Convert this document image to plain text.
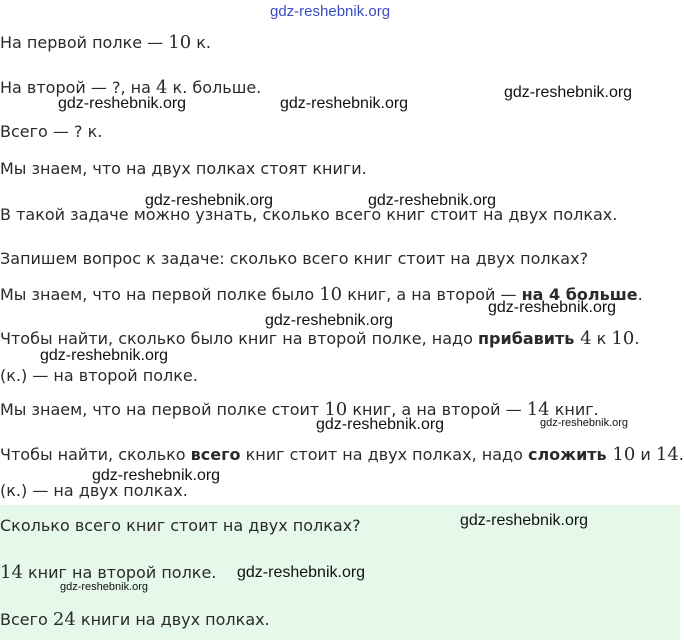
На первой полке — 10 к.
На второй — ?, на 4 к. больше.
Всего — ? к.
Мы знаем, что на двух полках стоят книги.
В такой задаче можно узнать, сколько всего книг стоит на двух полках.
Запишем вопрос к задаче: сколько всего книг стоит на двух полках?
Мы знаем, что на первой полке было 10 книг, а на второй — на 4 больше.
Чтобы найти, сколько было книг на второй полке, надо прибавить 4 к 10.
(к.) — на второй полке.
Мы знаем, что на первой полке стоит 10 книг, а на второй — 14 книг.
Чтобы найти, сколько всего книг стоит на двух полках, надо сложить 10 и 14.
(к.) — на двух полках.
Сколько всего книг стоит на двух полках?
14 книг на второй полке.
Всего 24 книги на двух полках.
gdz-reshebnik.org
gdz-reshebnik.org	gdz-reshebnik.org
gdz-reshebnik.org
gdz-reshebnik.org	gdz-reshebnik.org
gdz-reshebnik.org
gdz-reshebnik.org
gdz-reshebnik.org
gdz-reshebnik.org	gdz-reshebnik.org
gdz-reshebnik.org
gdz-reshebnik.org
gdz-reshebnik.org
gdz-reshebnik.org
